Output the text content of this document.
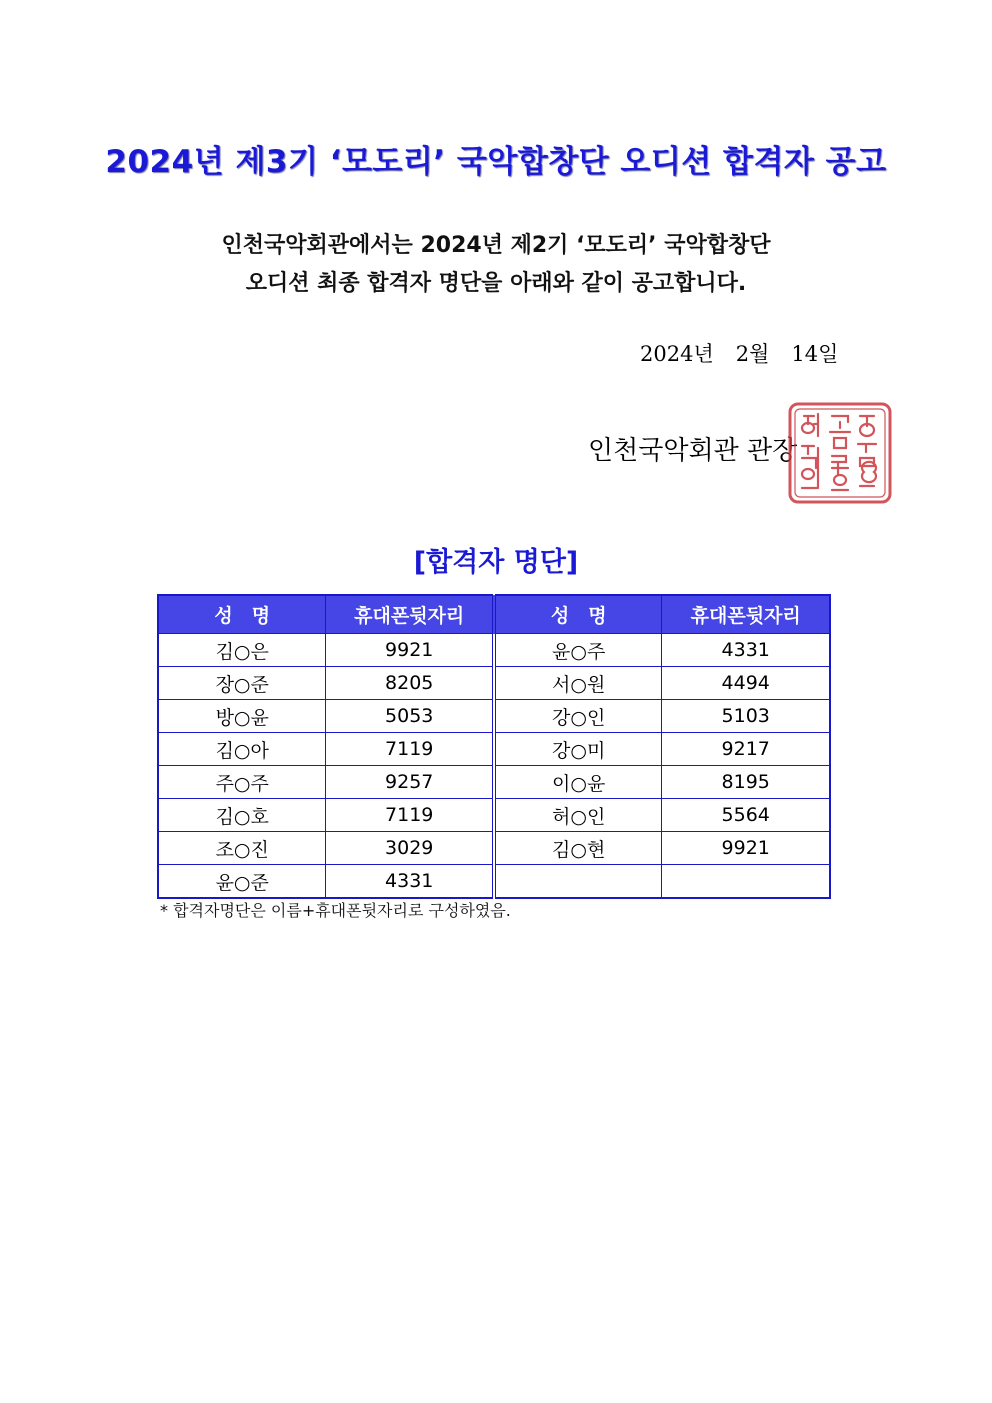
2024년 제3기 ‘모도리’ 국악합창단 오디션 합격자 공고
인천국악회관에서는 2024년 제2기 ‘모도리’ 국악합창단
오디션 최종 합격자 명단을 아래와 같이 공고합니다.
2024년 2월 14일
인천국악회관 관장
[합격자 명단]
성　명	휴대폰뒷자리	성　명	휴대폰뒷자리
김○은	9921	윤○주	4331
장○준	8205	서○원	4494
방○윤	5053	강○인	5103
김○아	7119	강○미	9217
주○주	9257	이○윤	8195
김○호	7119	허○인	5564
조○진	3029	김○현	9921
윤○준	4331		
* 합격자명단은 이름+휴대폰뒷자리로 구성하였음.
